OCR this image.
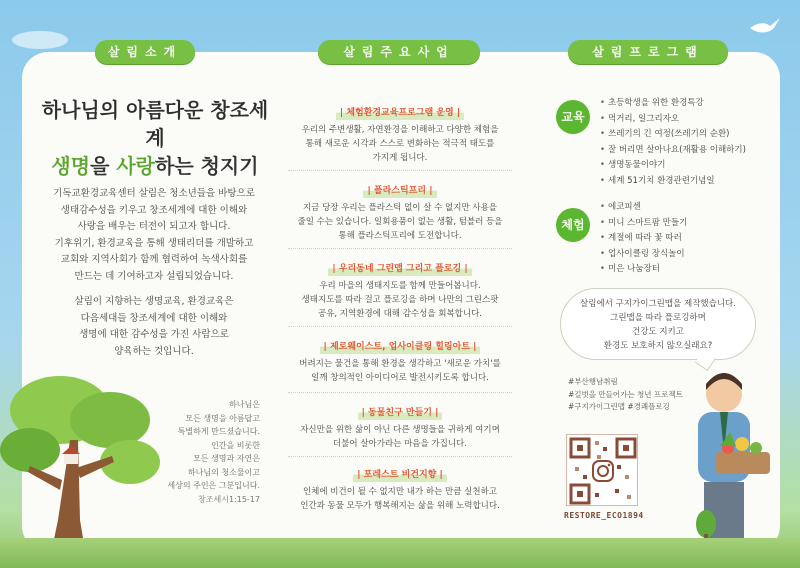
살림소개	살림주요사업	살림프로그램
하나님의 아름다운 창조세계
생명을 사랑하는 청지기
기독교환경교육센터 살림은 청소년들을 바탕으로
생태감수성을 키우고 창조세계에 대한 이해와
사랑을 배우는 터전이 되고자 합니다.
기후위기, 환경교육을 통해 생태리더를 개발하고
교회와 지역사회가 함께 협력하여 녹색사회를
만드는 데 기여하고자 설립되었습니다.
살림이 지향하는 생명교육, 환경교육은
다음세대들 창조세계에 대한 이해와
생명에 대한 감수성을 가진 사람으로
양육하는 것입니다.
하나님은
모든 생명을 아름답고
특별하게 만드셨습니다.
인간을 비롯한
모든 생명과 자연은
하나님의 청소물이고
세상의 주인은 그분입니다.
창조세시1:15-17
| 체험환경교육프로그램 운영 |
우리의 주변생활, 자연환경을 이해하고 다양한 체험을
통해 새로운 시각과 스스로 변화하는 적극적 태도를
가지게 됩니다.
| 플라스틱프리 |
지금 당장 우리는 플라스틱 없이 살 수 없지만 사용을
줄일 수는 있습니다. 일회용품이 없는 생활, 텀블러 등을
통해 플라스틱프리에 도전합니다.
| 우리동네 그린맵 그리고 플로깅 |
우리 마을의 생태지도를 함께 만들어봅니다.
생태지도를 따라 걸고 플로깅을 하며 나만의 그린스팟
공유, 지역환경에 대해 감수성을 회복합니다.
| 제로웨이스트, 업사이클링 힐링아트 |
버려지는 물건을 통해 환경을 생각하고 '새로운 가치'를
일깨 창의적인 아이디어로 발전시키도록 합니다.
| 동물친구 만들기 |
자신만을 위한 삶이 아닌 다른 생명들을 귀하게 여기며
더불어 살아가라는 마음을 가집니다.
| 포레스트 비건지향 |
인체에 비건이 될 수 없지만 내가 하는 만큼 실천하고
인간과 동물 모두가 행복해지는 삶을 위해 노력합니다.
교육
• 초등학생을 위한 환경특강
• 먹거리, 일그리자오
• 쓰레기의 긴 여정(쓰레기의 순환)
• 잘 버리면 살아나요(재활용 이해하기)
• 생명동물이야기
• 세계 51기치 환경관련기념일
체험
• 에코피센
• 미니 스마트팜 만들기
• 계절에 따라 꽃 따러
• 업사이클링 장식놀이
• 미은 나눔장터
살림에서 구지가이그린맵을 제작했습니다.
그린맵을 따라 플로깅하며
건강도 지키고
환경도 보호하지 않으실래요?
#부산행남취림
#길벗을 만들어가는 청년 프로젝트
#구지가이그린맵 #경쾌플로깅
RESTORE_ECO1894
